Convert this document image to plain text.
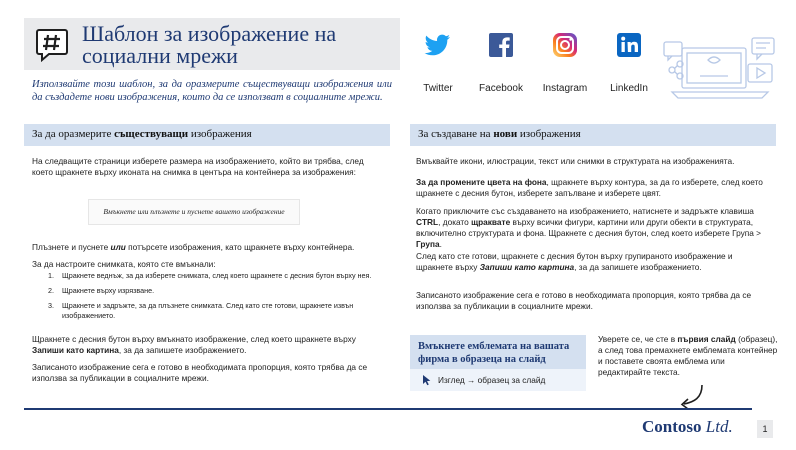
Шаблон за изображение на социални мрежи
Twitter	Facebook	Instagram	LinkedIn
Използвайте този шаблон, за да оразмерите съществуващи изображения или да създадете нови изображения, които да се използват в социалните мрежи.
За да оразмерите съществуващи изображения	За създаване на нови изображения
На следващите страници изберете размера на изображението, който ви трябва, след което щракнете върху иконата на снимка в центъра на контейнера за изображения:
Вмъкнете или плъзнете и пуснете вашето изображение
Плъзнете и пуснете или потърсете изображения, като щракнете върху контейнера.
За да настроите снимката, която сте вмъкнали:
1. Щракнете веднъж, за да изберете снимката, след което щракнете с десния бутон върху нея.
2. Щракнете върху изрязване.
3. Щракнете и задръжте, за да плъзнете снимката. След като сте готови, щракнете извън изображението.
Щракнете с десния бутон върху вмъкнато изображение, след което щракнете върху Запиши като картина, за да запишете изображението.
Записаното изображение сега е готово в необходимата пропорция, която трябва да се използва за публикации в социалните мрежи.
Вмъквайте икони, илюстрации, текст или снимки в структурата на изображенията.
За да промените цвета на фона, щракнете върху контура, за да го изберете, след което щракнете с десния бутон, изберете запълване и изберете цвят.
Когато приключите със създаването на изображението, натиснете и задръжте клавиша CTRL, докато щраквате върху всички фигури, картини или други обекти в структурата, включително структурата и фона. Щракнете с десния бутон, след което изберете Група > Група.
След като сте готови, щракнете с десния бутон върху групираното изображение и щракнете върху Запиши като картина, за да запишете изображението.
Записаното изображение сега е готово в необходимата пропорция, която трябва да се използва за публикации в социалните мрежи.
Вмъкнете емблемата на вашата фирма в образеца на слайд
Изглед → образец за слайд
Уверете се, че сте в първия слайд (образец), а след това премахнете емблемата контейнер и поставете своята емблема или редактирайте текста.
Contoso Ltd.	1
